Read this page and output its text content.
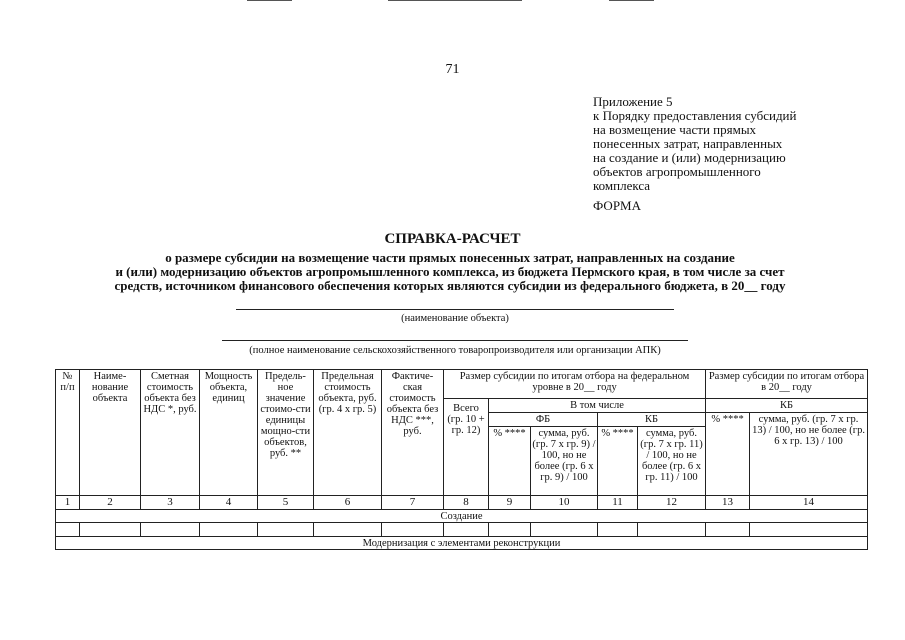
71
Приложение 5
к Порядку предоставления субсидий
на возмещение части прямых
понесенных затрат, направленных
на создание и (или) модернизацию
объектов агропромышленного
комплекса
ФОРМА
СПРАВКА-РАСЧЕТ
о размере субсидии на возмещение части прямых понесенных затрат, направленных на создание
и (или) модернизацию объектов агропромышленного комплекса, из бюджета Пермского края, в том числе за счет
средств, источником финансового обеспечения которых являются субсидии из федерального бюджета, в 20__ году
(наименование объекта)
(полное наименование сельскохозяйственного товаропроизводителя или организации АПК)
№ п/п	Наиме-нование объекта	Сметная стоимость объекта без НДС *, руб.	Мощность объекта, единиц	Предель-ное значение стоимо-сти единицы мощно-сти объектов, руб. **	Предельная стоимость объекта, руб. (гр. 4 x гр. 5)	Фактиче-ская стоимость объекта без НДС ***, руб.	Размер субсидии по итогам отбора на федеральном уровне в 20__ году					Размер субсидии по итогам отбора в 20__ году	
							Всего (гр. 10 + гр. 12)	В том числе				КБ	
								ФБ		КБ		% ****	сумма, руб. (гр. 7 x гр. 13) / 100, но не более (гр. 6 x гр. 13) / 100
								% ****	сумма, руб. (гр. 7 x гр. 9) / 100, но не более (гр. 6 x гр. 9) / 100	% ****	сумма, руб. (гр. 7 x гр. 11) / 100, но не более (гр. 6 x гр. 11) / 100		
1	2	3	4	5	6	7	8	9	10	11	12	13	14
Создание													

Модернизация с элементами реконструкции													
